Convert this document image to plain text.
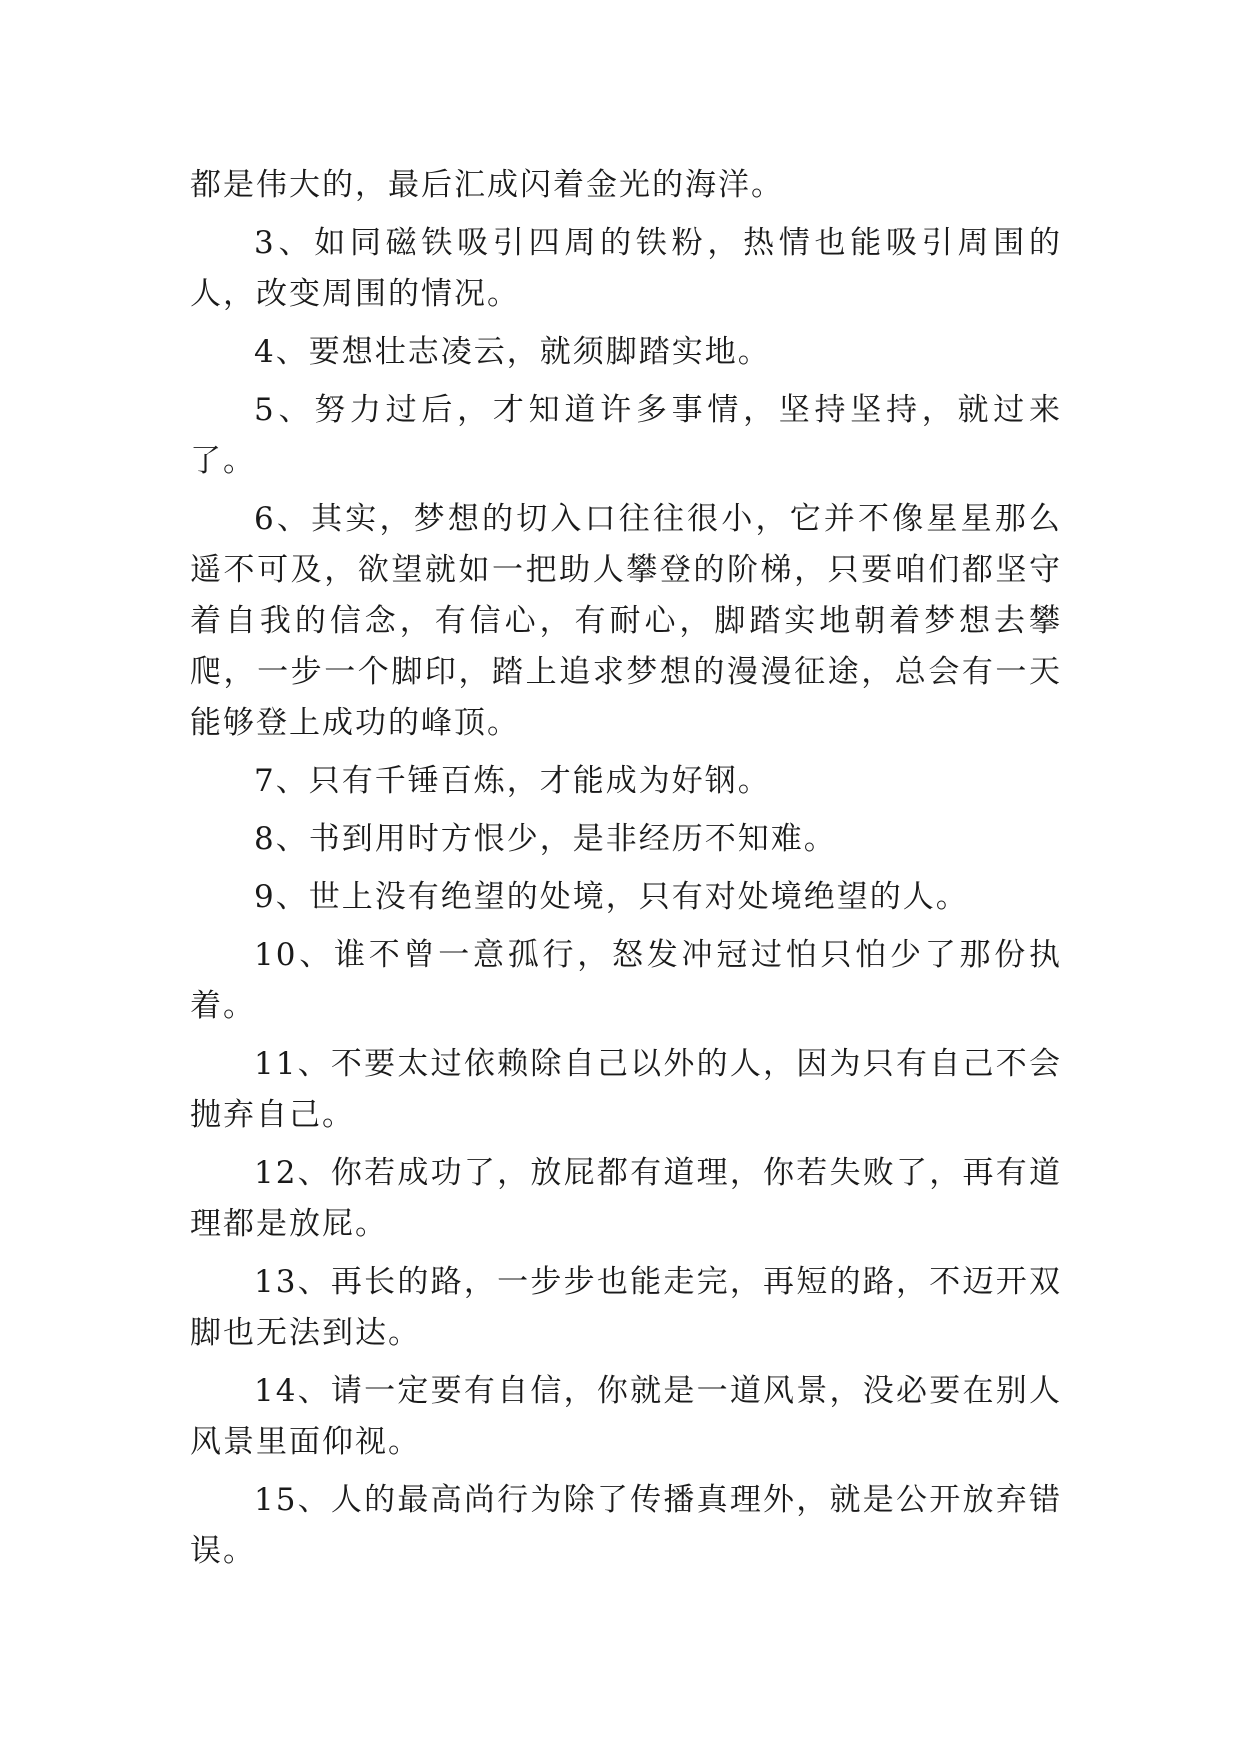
都是伟大的，最后汇成闪着金光的海洋。

3、如同磁铁吸引四周的铁粉，热情也能吸引周围的人，改变周围的情况。

4、要想壮志凌云，就须脚踏实地。

5、努力过后，才知道许多事情，坚持坚持，就过来了。

6、其实，梦想的切入口往往很小，它并不像星星那么遥不可及，欲望就如一把助人攀登的阶梯，只要咱们都坚守着自我的信念，有信心，有耐心，脚踏实地朝着梦想去攀爬，一步一个脚印，踏上追求梦想的漫漫征途，总会有一天能够登上成功的峰顶。

7、只有千锤百炼，才能成为好钢。

8、书到用时方恨少，是非经历不知难。

9、世上没有绝望的处境，只有对处境绝望的人。

10、谁不曾一意孤行，怒发冲冠过怕只怕少了那份执着。

11、不要太过依赖除自己以外的人，因为只有自己不会抛弃自己。

12、你若成功了，放屁都有道理，你若失败了，再有道理都是放屁。

13、再长的路，一步步也能走完，再短的路，不迈开双脚也无法到达。

14、请一定要有自信，你就是一道风景，没必要在别人风景里面仰视。

15、人的最高尚行为除了传播真理外，就是公开放弃错误。
